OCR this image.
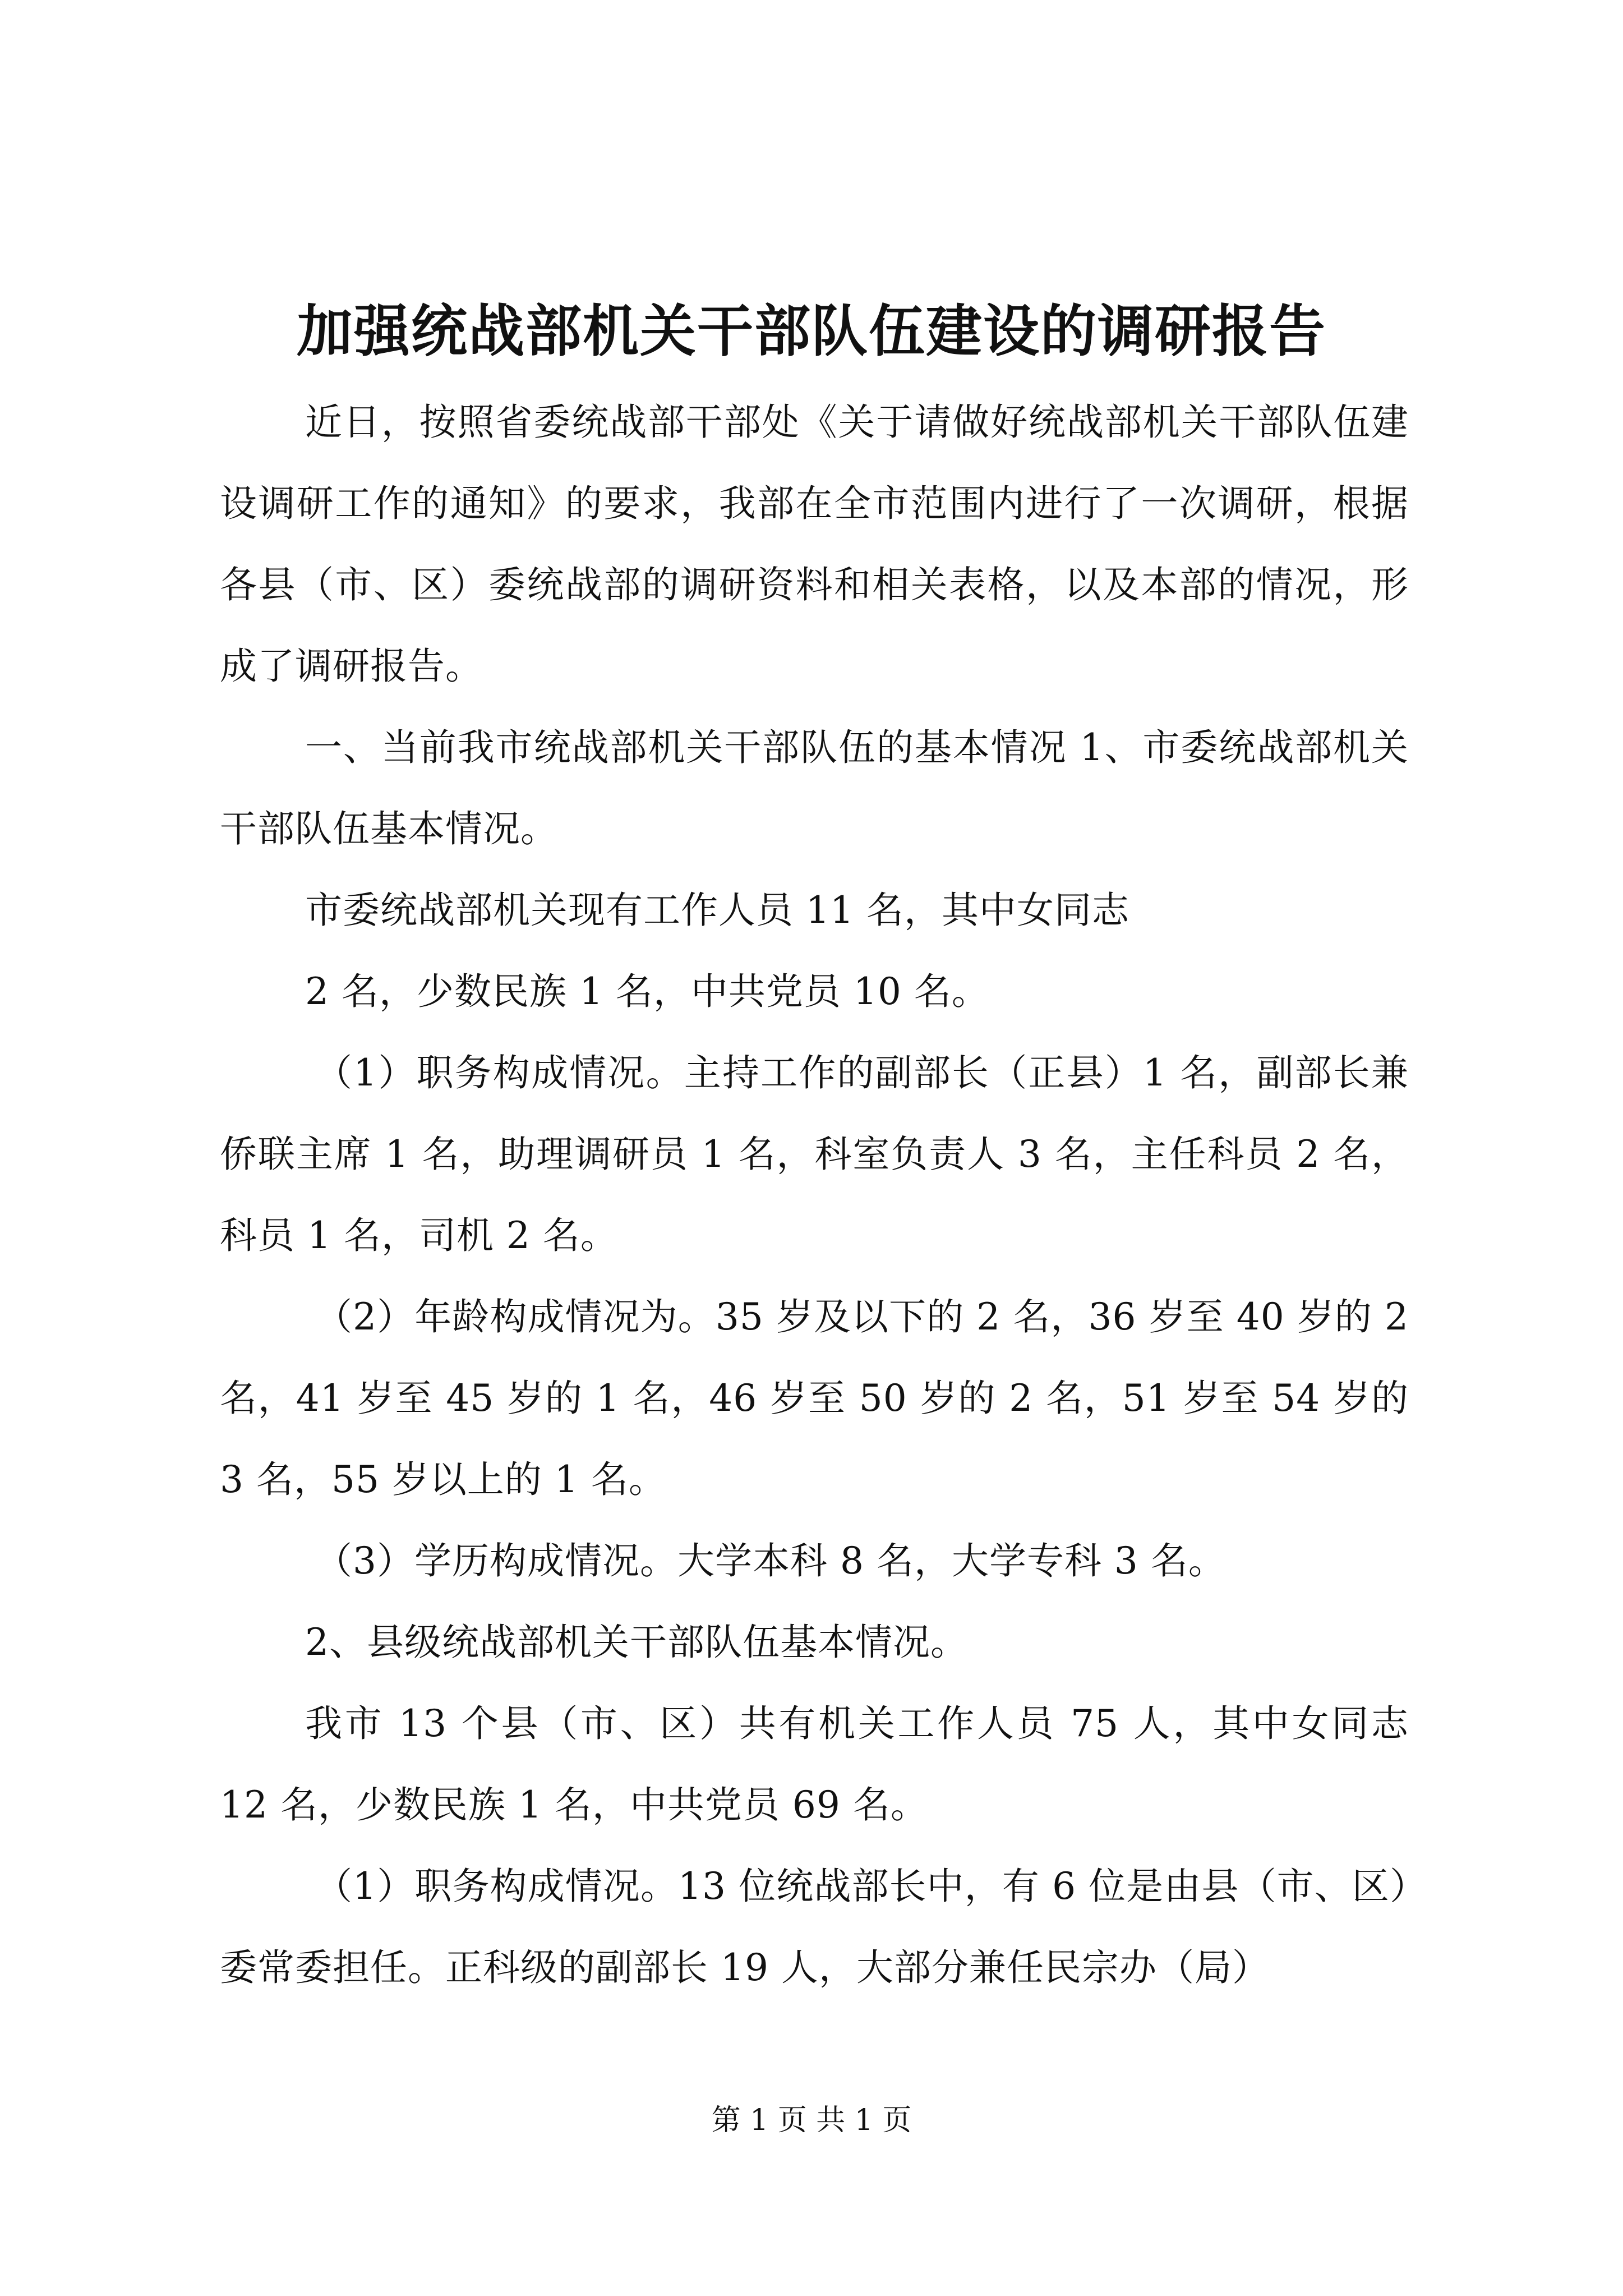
加强统战部机关干部队伍建设的调研报告

近日，按照省委统战部干部处《关于请做好统战部机关干部队伍建设调研工作的通知》的要求，我部在全市范围内进行了一次调研，根据各县（市、区）委统战部的调研资料和相关表格，以及本部的情况，形成了调研报告。

一、当前我市统战部机关干部队伍的基本情况 1、市委统战部机关干部队伍基本情况。

市委统战部机关现有工作人员 11 名，其中女同志

2 名，少数民族 1 名，中共党员 10 名。

（1）职务构成情况。主持工作的副部长（正县）1 名，副部长兼侨联主席 1 名，助理调研员 1 名，科室负责人 3 名，主任科员 2 名，科员 1 名，司机 2 名。

（2）年龄构成情况为。35 岁及以下的 2 名，36 岁至 40 岁的 2 名，41 岁至 45 岁的 1 名，46 岁至 50 岁的 2 名，51 岁至 54 岁的 3 名，55 岁以上的 1 名。

（3）学历构成情况。大学本科 8 名，大学专科 3 名。

2、县级统战部机关干部队伍基本情况。

我市 13 个县（市、区）共有机关工作人员 75 人，其中女同志 12 名，少数民族 1 名，中共党员 69 名。

（1）职务构成情况。13 位统战部长中，有 6 位是由县（市、区）委常委担任。正科级的副部长 19 人，大部分兼任民宗办（局）

第 1 页 共 1 页
